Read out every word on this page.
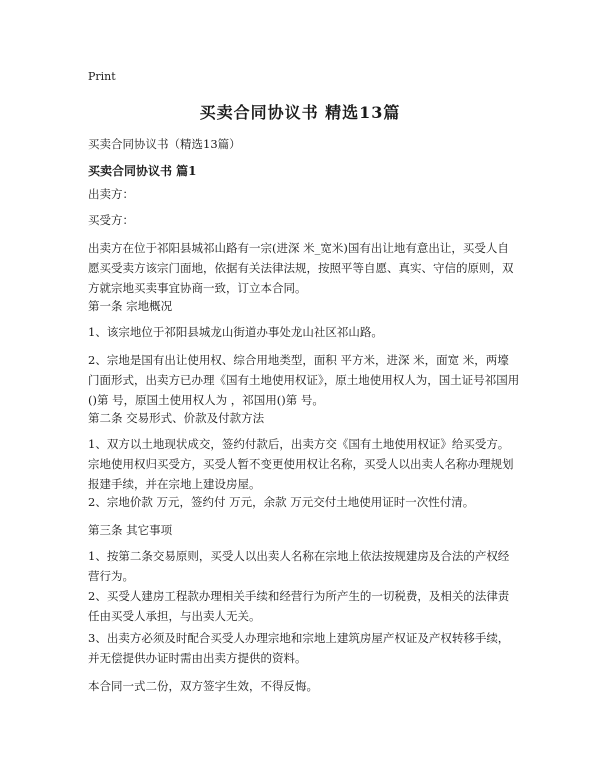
Print
买卖合同协议书 精选13篇
买卖合同协议书（精选13篇）
买卖合同协议书 篇1

出卖方：

买受方：

出卖方在位于祁阳县城祁山路有一宗(进深 米_宽米)国有出让地有意出让，买受人自愿买受卖方该宗门面地，依据有关法律法规，按照平等自愿、真实、守信的原则，双方就宗地买卖事宜协商一致，订立本合同。

第一条 宗地概况

1、该宗地位于祁阳县城龙山街道办事处龙山社区祁山路。

2、宗地是国有出让使用权、综合用地类型，面积 平方米，进深 米，面宽 米，两壕门面形式，出卖方已办理《国有土地使用权证》，原土地使用权人为，国土证号祁国用()第 号，原国土使用权人为 ，祁国用()第 号。

第二条 交易形式、价款及付款方法

1、双方以土地现状成交，签约付款后，出卖方交《国有土地使用权证》给买受方。宗地使用权归买受方，买受人暂不变更使用权让名称，买受人以出卖人名称办理规划报建手续，并在宗地上建设房屋。

2、宗地价款 万元，签约付 万元，余款 万元交付土地使用证时一次性付清。

第三条 其它事项

1、按第二条交易原则，买受人以出卖人名称在宗地上依法按规建房及合法的产权经营行为。

2、买受人建房工程款办理相关手续和经营行为所产生的一切税费，及相关的法律责任由买受人承担，与出卖人无关。

3、出卖方必须及时配合买受人办理宗地和宗地上建筑房屋产权证及产权转移手续，并无偿提供办证时需由出卖方提供的资料。

本合同一式二份，双方签字生效，不得反悔。
